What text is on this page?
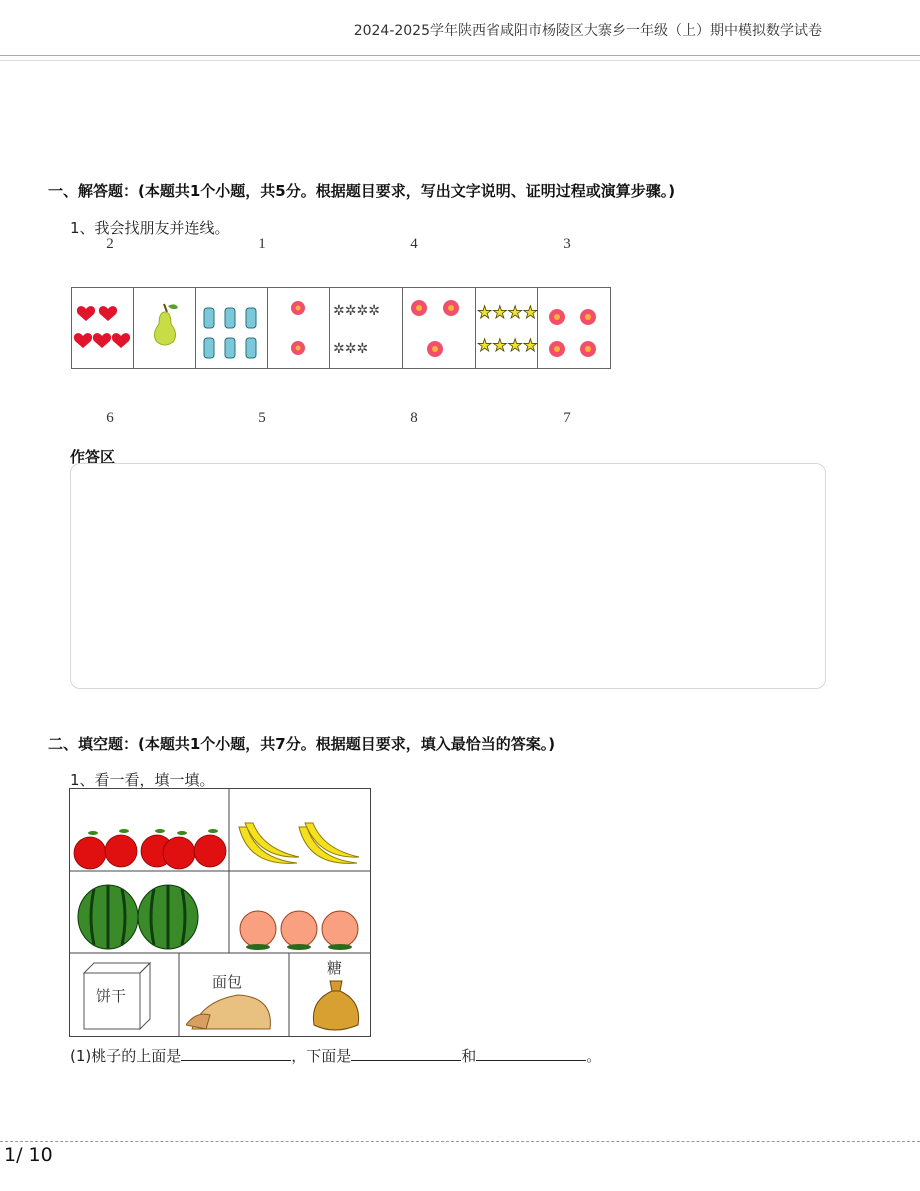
2024-2025学年陕西省咸阳市杨陵区大寨乡一年级（上）期中模拟数学试卷
一、解答题：(本题共1个小题，共5分。根据题目要求，写出文字说明、证明过程或演算步骤。)
1、我会找朋友并连线。
2	1	4	3
✲✲✲✲
✲✲✲
★★★★
★★★★
6	5	8	7
作答区
二、填空题：(本题共1个小题，共7分。根据题目要求，填入最恰当的答案。)
1、看一看，填一填。
饼干
面包
糖
(1)桃子的上面是	，下面是	和	。
1/ 10
